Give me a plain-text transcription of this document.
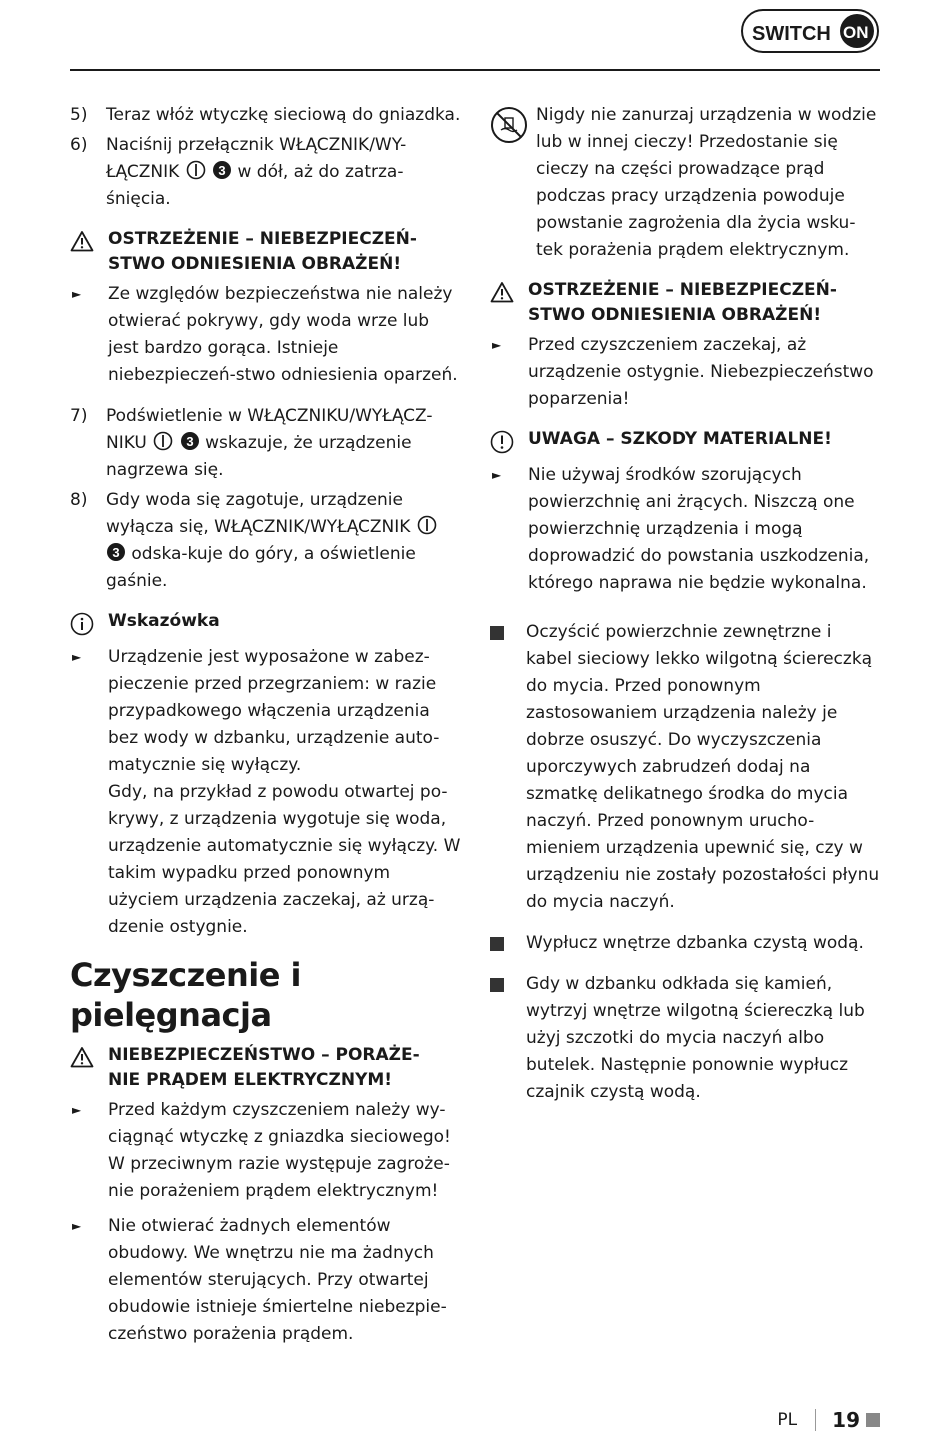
SWITCH ON
5)	Teraz włóż wtyczkę sieciową do gniazdka.
6)	Naciśnij przełącznik WŁĄCZNIK/WY-ŁĄCZNIK	3 w dół, aż do zatrza-śnięcia.
OSTRZEŻENIE – NIEBEZPIECZEŃ-
STWO ODNIESIENIA OBRAŻEŃ!
►	Ze względów bezpieczeństwa nie należy otwierać pokrywy, gdy woda wrze lub jest bardzo gorąca. Istnieje niebezpieczeń-stwo odniesienia oparzeń.
7)	Podświetlenie w WŁĄCZNIKU/WYŁĄCZ-NIKU	3 wskazuje, że urządzenie nagrzewa się.
8)	Gdy woda się zagotuje, urządzenie wyłącza się, WŁĄCZNIK/WYŁĄCZNIK
3 odska-kuje do góry, a oświetlenie gaśnie.
Wskazówka
►	Urządzenie jest wyposażone w zabez-pieczenie przed przegrzaniem: w razie przypadkowego włączenia urządzenia bez wody w dzbanku, urządzenie auto-matycznie się wyłączy.
Gdy, na przykład z powodu otwartej po-krywy, z urządzenia wygotuje się woda, urządzenie automatycznie się wyłączy. W takim wypadku przed ponownym użyciem urządzenia zaczekaj, aż urzą-dzenie ostygnie.
Czyszczenie i pielęgnacja
NIEBEZPIECZEŃSTWO – PORAŻE-
NIE PRĄDEM ELEKTRYCZNYM!
►	Przed każdym czyszczeniem należy wy-ciągnąć wtyczkę z gniazdka sieciowego! W przeciwnym razie występuje zagroże-nie porażeniem prądem elektrycznym!
►	Nie otwierać żadnych elementów obudowy. We wnętrzu nie ma żadnych elementów sterujących. Przy otwartej obudowie istnieje śmiertelne niebezpie-czeństwo porażenia prądem.
Nigdy nie zanurzaj urządzenia w wodzie lub w innej cieczy! Przedostanie się cieczy na części prowadzące prąd podczas pracy urządzenia powoduje powstanie zagrożenia dla życia wsku-tek porażenia prądem elektrycznym.
OSTRZEŻENIE – NIEBEZPIECZEŃ-
STWO ODNIESIENIA OBRAŻEŃ!
►	Przed czyszczeniem zaczekaj, aż urządzenie ostygnie. Niebezpieczeństwo poparzenia!
UWAGA – SZKODY MATERIALNE!
►	Nie używaj środków szorujących powierzchnię ani żrących. Niszczą one powierzchnię urządzenia i mogą doprowadzić do powstania uszkodzenia, którego naprawa nie będzie wykonalna.
Oczyścić powierzchnie zewnętrzne i kabel sieciowy lekko wilgotną ściereczką do mycia. Przed ponownym zastosowaniem urządzenia należy je dobrze osuszyć. Do wyczyszczenia uporczywych zabrudzeń dodaj na szmatkę delikatnego środka do mycia naczyń. Przed ponownym urucho-mieniem urządzenia upewnić się, czy w urządzeniu nie zostały pozostałości płynu do mycia naczyń.
Wypłucz wnętrze dzbanka czystą wodą.
Gdy w dzbanku odkłada się kamień, wytrzyj wnętrze wilgotną ściereczką lub użyj szczotki do mycia naczyń albo butelek. Następnie ponownie wypłucz czajnik czystą wodą.
PL 19
